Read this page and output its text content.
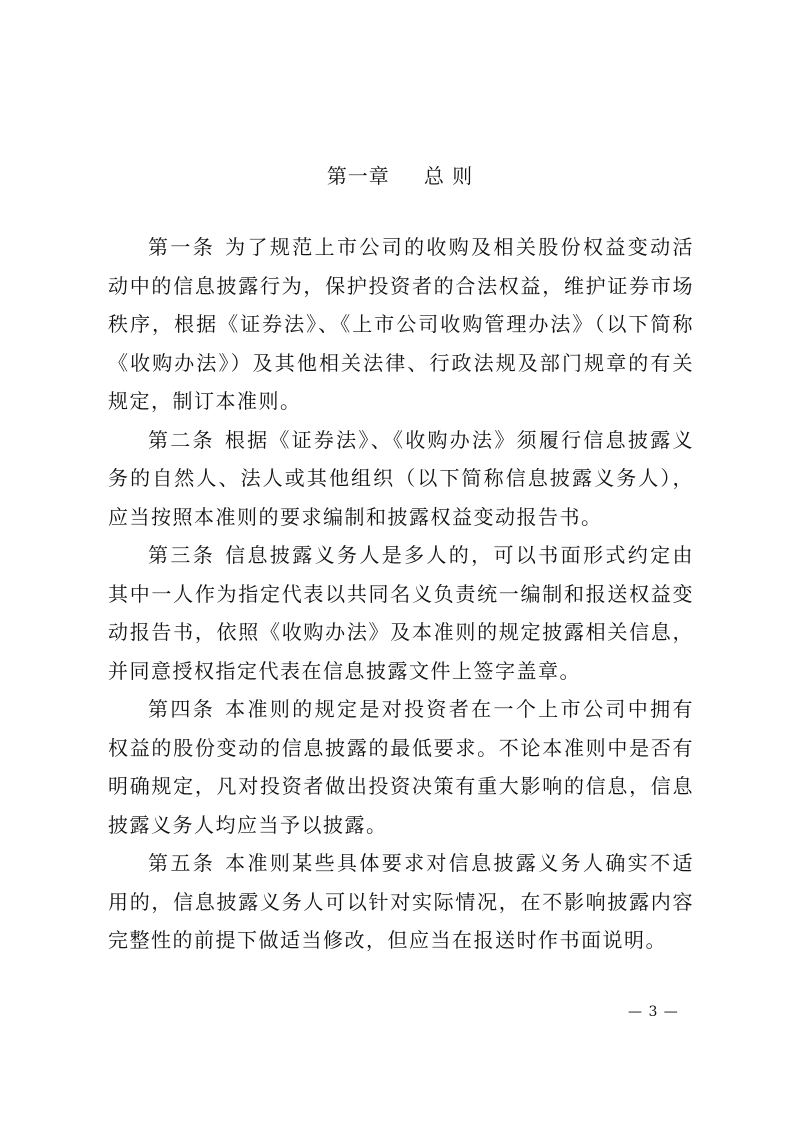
第一章 总 则

第一条 为了规范上市公司的收购及相关股份权益变动活动中的信息披露行为，保护投资者的合法权益，维护证券市场秩序，根据《证券法》、《上市公司收购管理办法》（以下简称《收购办法》）及其他相关法律、行政法规及部门规章的有关规定，制订本准则。

第二条 根据《证券法》、《收购办法》须履行信息披露义务的自然人、法人或其他组织（以下简称信息披露义务人），应当按照本准则的要求编制和披露权益变动报告书。

第三条 信息披露义务人是多人的，可以书面形式约定由其中一人作为指定代表以共同名义负责统一编制和报送权益变动报告书，依照《收购办法》及本准则的规定披露相关信息，并同意授权指定代表在信息披露文件上签字盖章。

第四条 本准则的规定是对投资者在一个上市公司中拥有权益的股份变动的信息披露的最低要求。不论本准则中是否有明确规定，凡对投资者做出投资决策有重大影响的信息，信息披露义务人均应当予以披露。

第五条 本准则某些具体要求对信息披露义务人确实不适用的，信息披露义务人可以针对实际情况，在不影响披露内容完整性的前提下做适当修改，但应当在报送时作书面说明。

— 3 —
